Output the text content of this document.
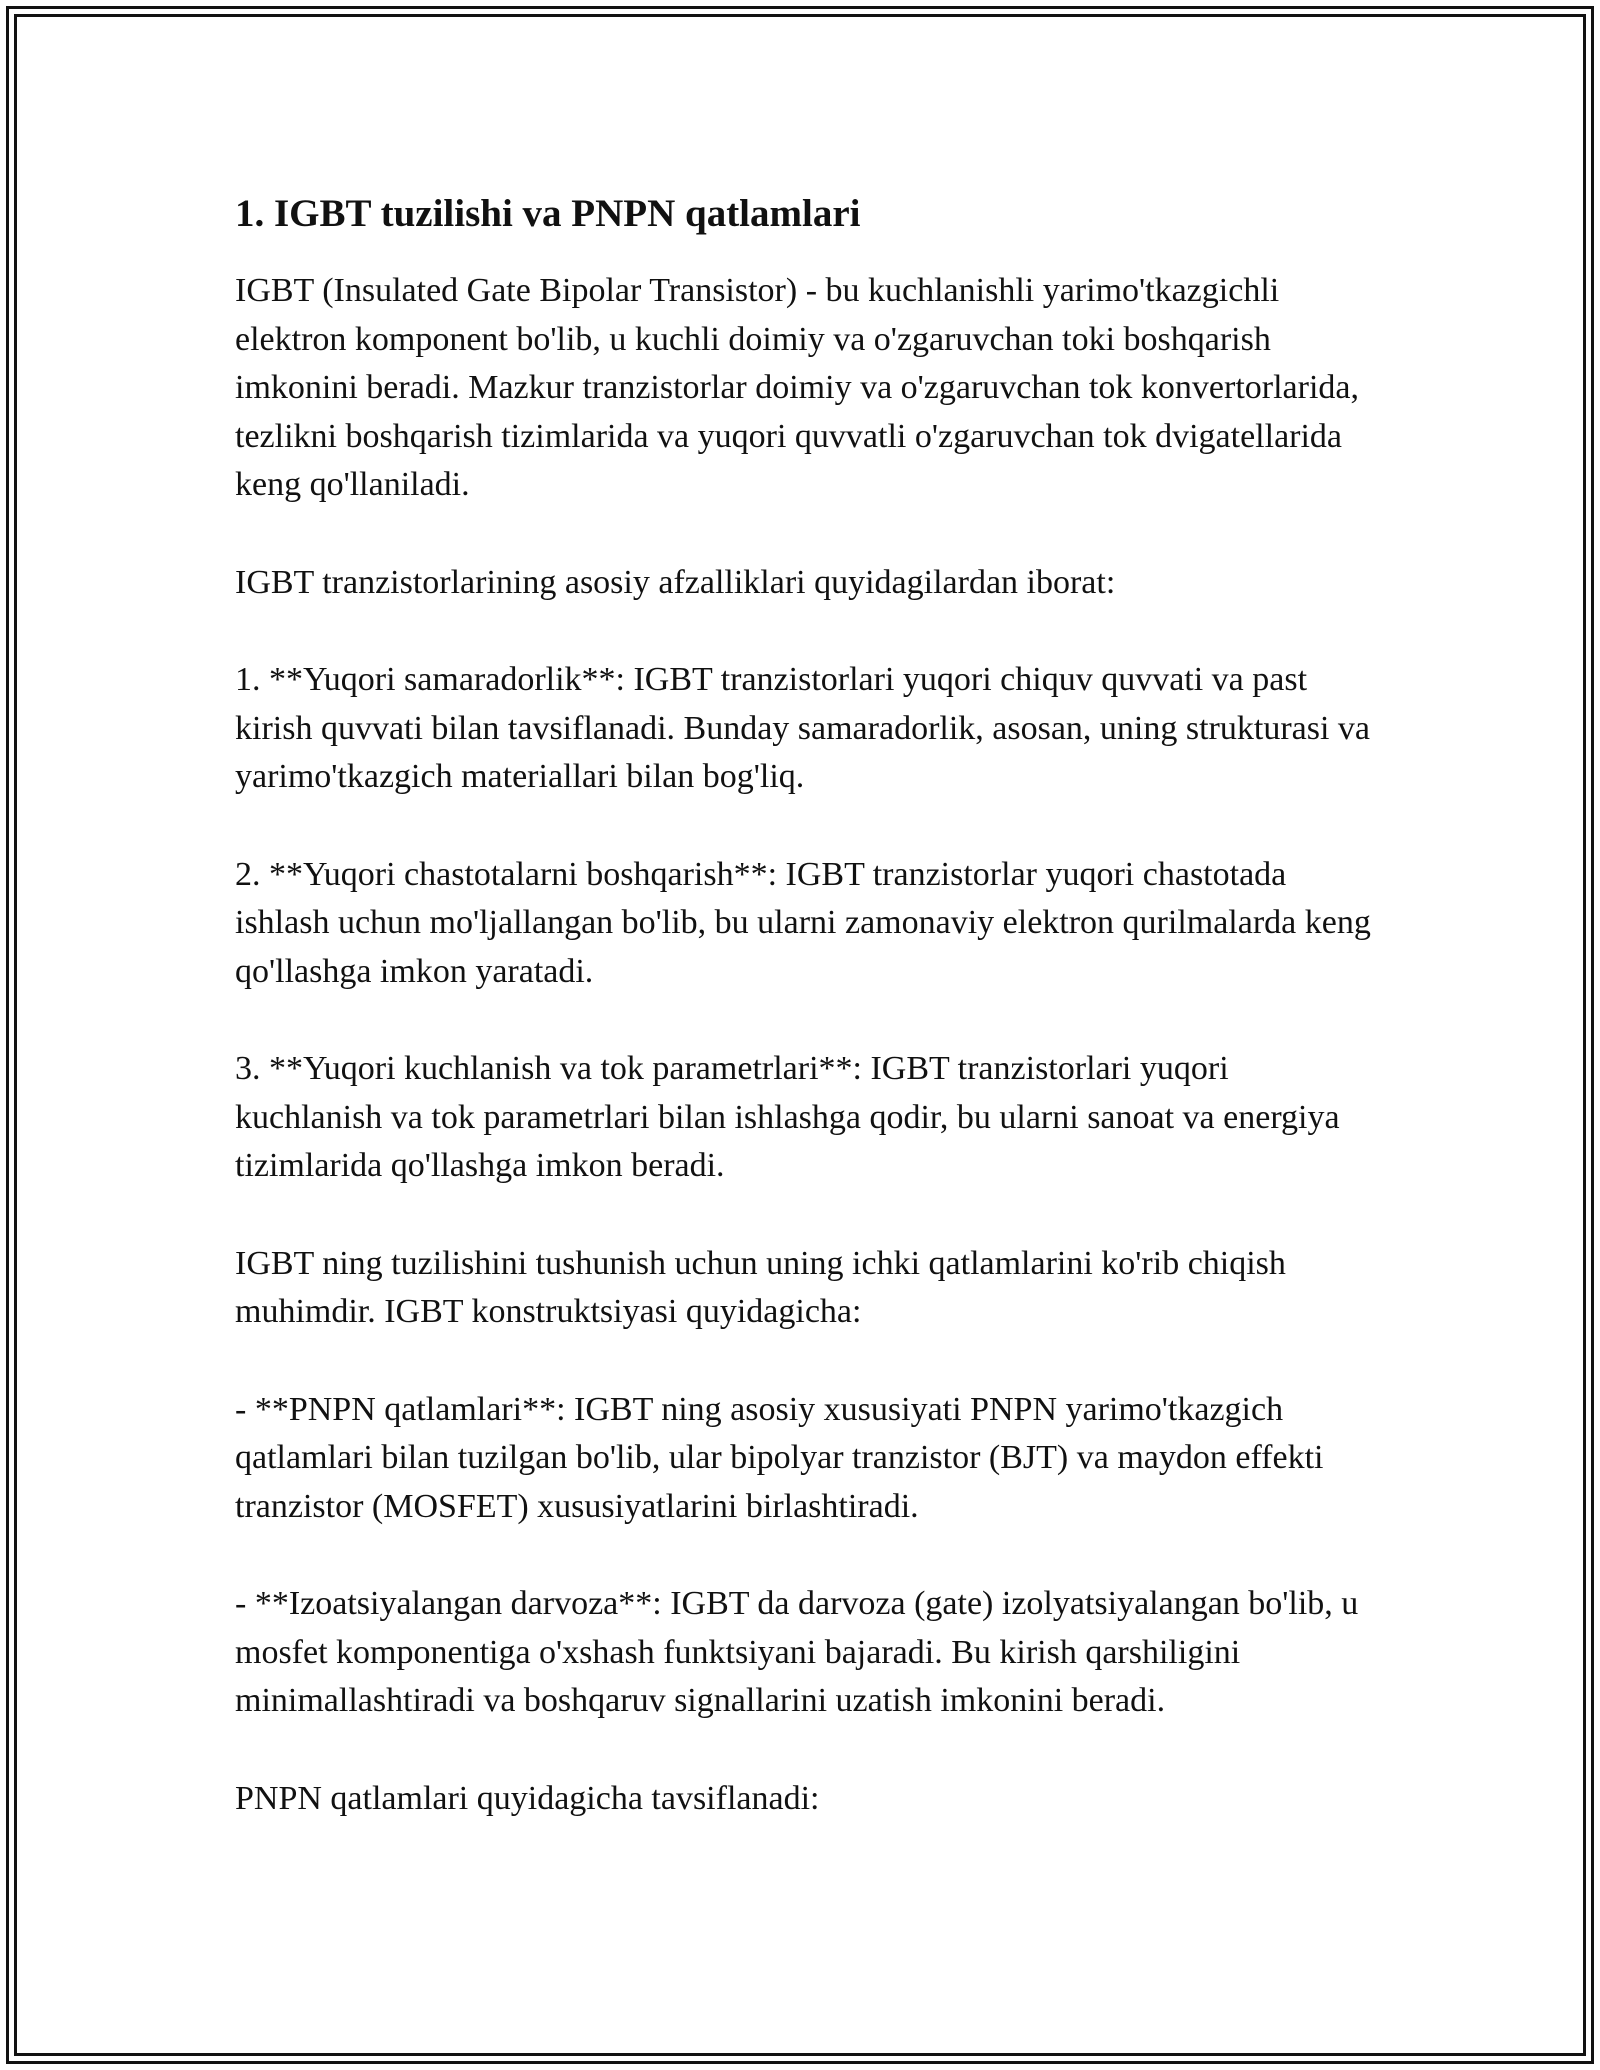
1. IGBT tuzilishi va PNPN qatlamlari

IGBT (Insulated Gate Bipolar Transistor) - bu kuchlanishli yarimo'tkazgichli elektron komponent bo'lib, u kuchli doimiy va o'zgaruvchan toki boshqarish imkonini beradi. Mazkur tranzistorlar doimiy va o'zgaruvchan tok konvertorlarida, tezlikni boshqarish tizimlarida va yuqori quvvatli o'zgaruvchan tok dvigatellarida keng qo'llaniladi.

IGBT tranzistorlarining asosiy afzalliklari quyidagilardan iborat:

1. **Yuqori samaradorlik**: IGBT tranzistorlari yuqori chiquv quvvati va past kirish quvvati bilan tavsiflanadi. Bunday samaradorlik, asosan, uning strukturasi va yarimo'tkazgich materiallari bilan bog'liq.

2. **Yuqori chastotalarni boshqarish**: IGBT tranzistorlar yuqori chastotada ishlash uchun mo'ljallangan bo'lib, bu ularni zamonaviy elektron qurilmalarda keng qo'llashga imkon yaratadi.

3. **Yuqori kuchlanish va tok parametrlari**: IGBT tranzistorlari yuqori kuchlanish va tok parametrlari bilan ishlashga qodir, bu ularni sanoat va energiya tizimlarida qo'llashga imkon beradi.

IGBT ning tuzilishini tushunish uchun uning ichki qatlamlarini ko'rib chiqish muhimdir. IGBT konstruktsiyasi quyidagicha:

- **PNPN qatlamlari**: IGBT ning asosiy xususiyati PNPN yarimo'tkazgich qatlamlari bilan tuzilgan bo'lib, ular bipolyar tranzistor (BJT) va maydon effekti tranzistor (MOSFET) xususiyatlarini birlashtiradi.

- **Izoatsiyalangan darvoza**: IGBT da darvoza (gate) izolyatsiyalangan bo'lib, u mosfet komponentiga o'xshash funktsiyani bajaradi. Bu kirish qarshiligini minimallashtiradi va boshqaruv signallarini uzatish imkonini beradi.

PNPN qatlamlari quyidagicha tavsiflanadi:
